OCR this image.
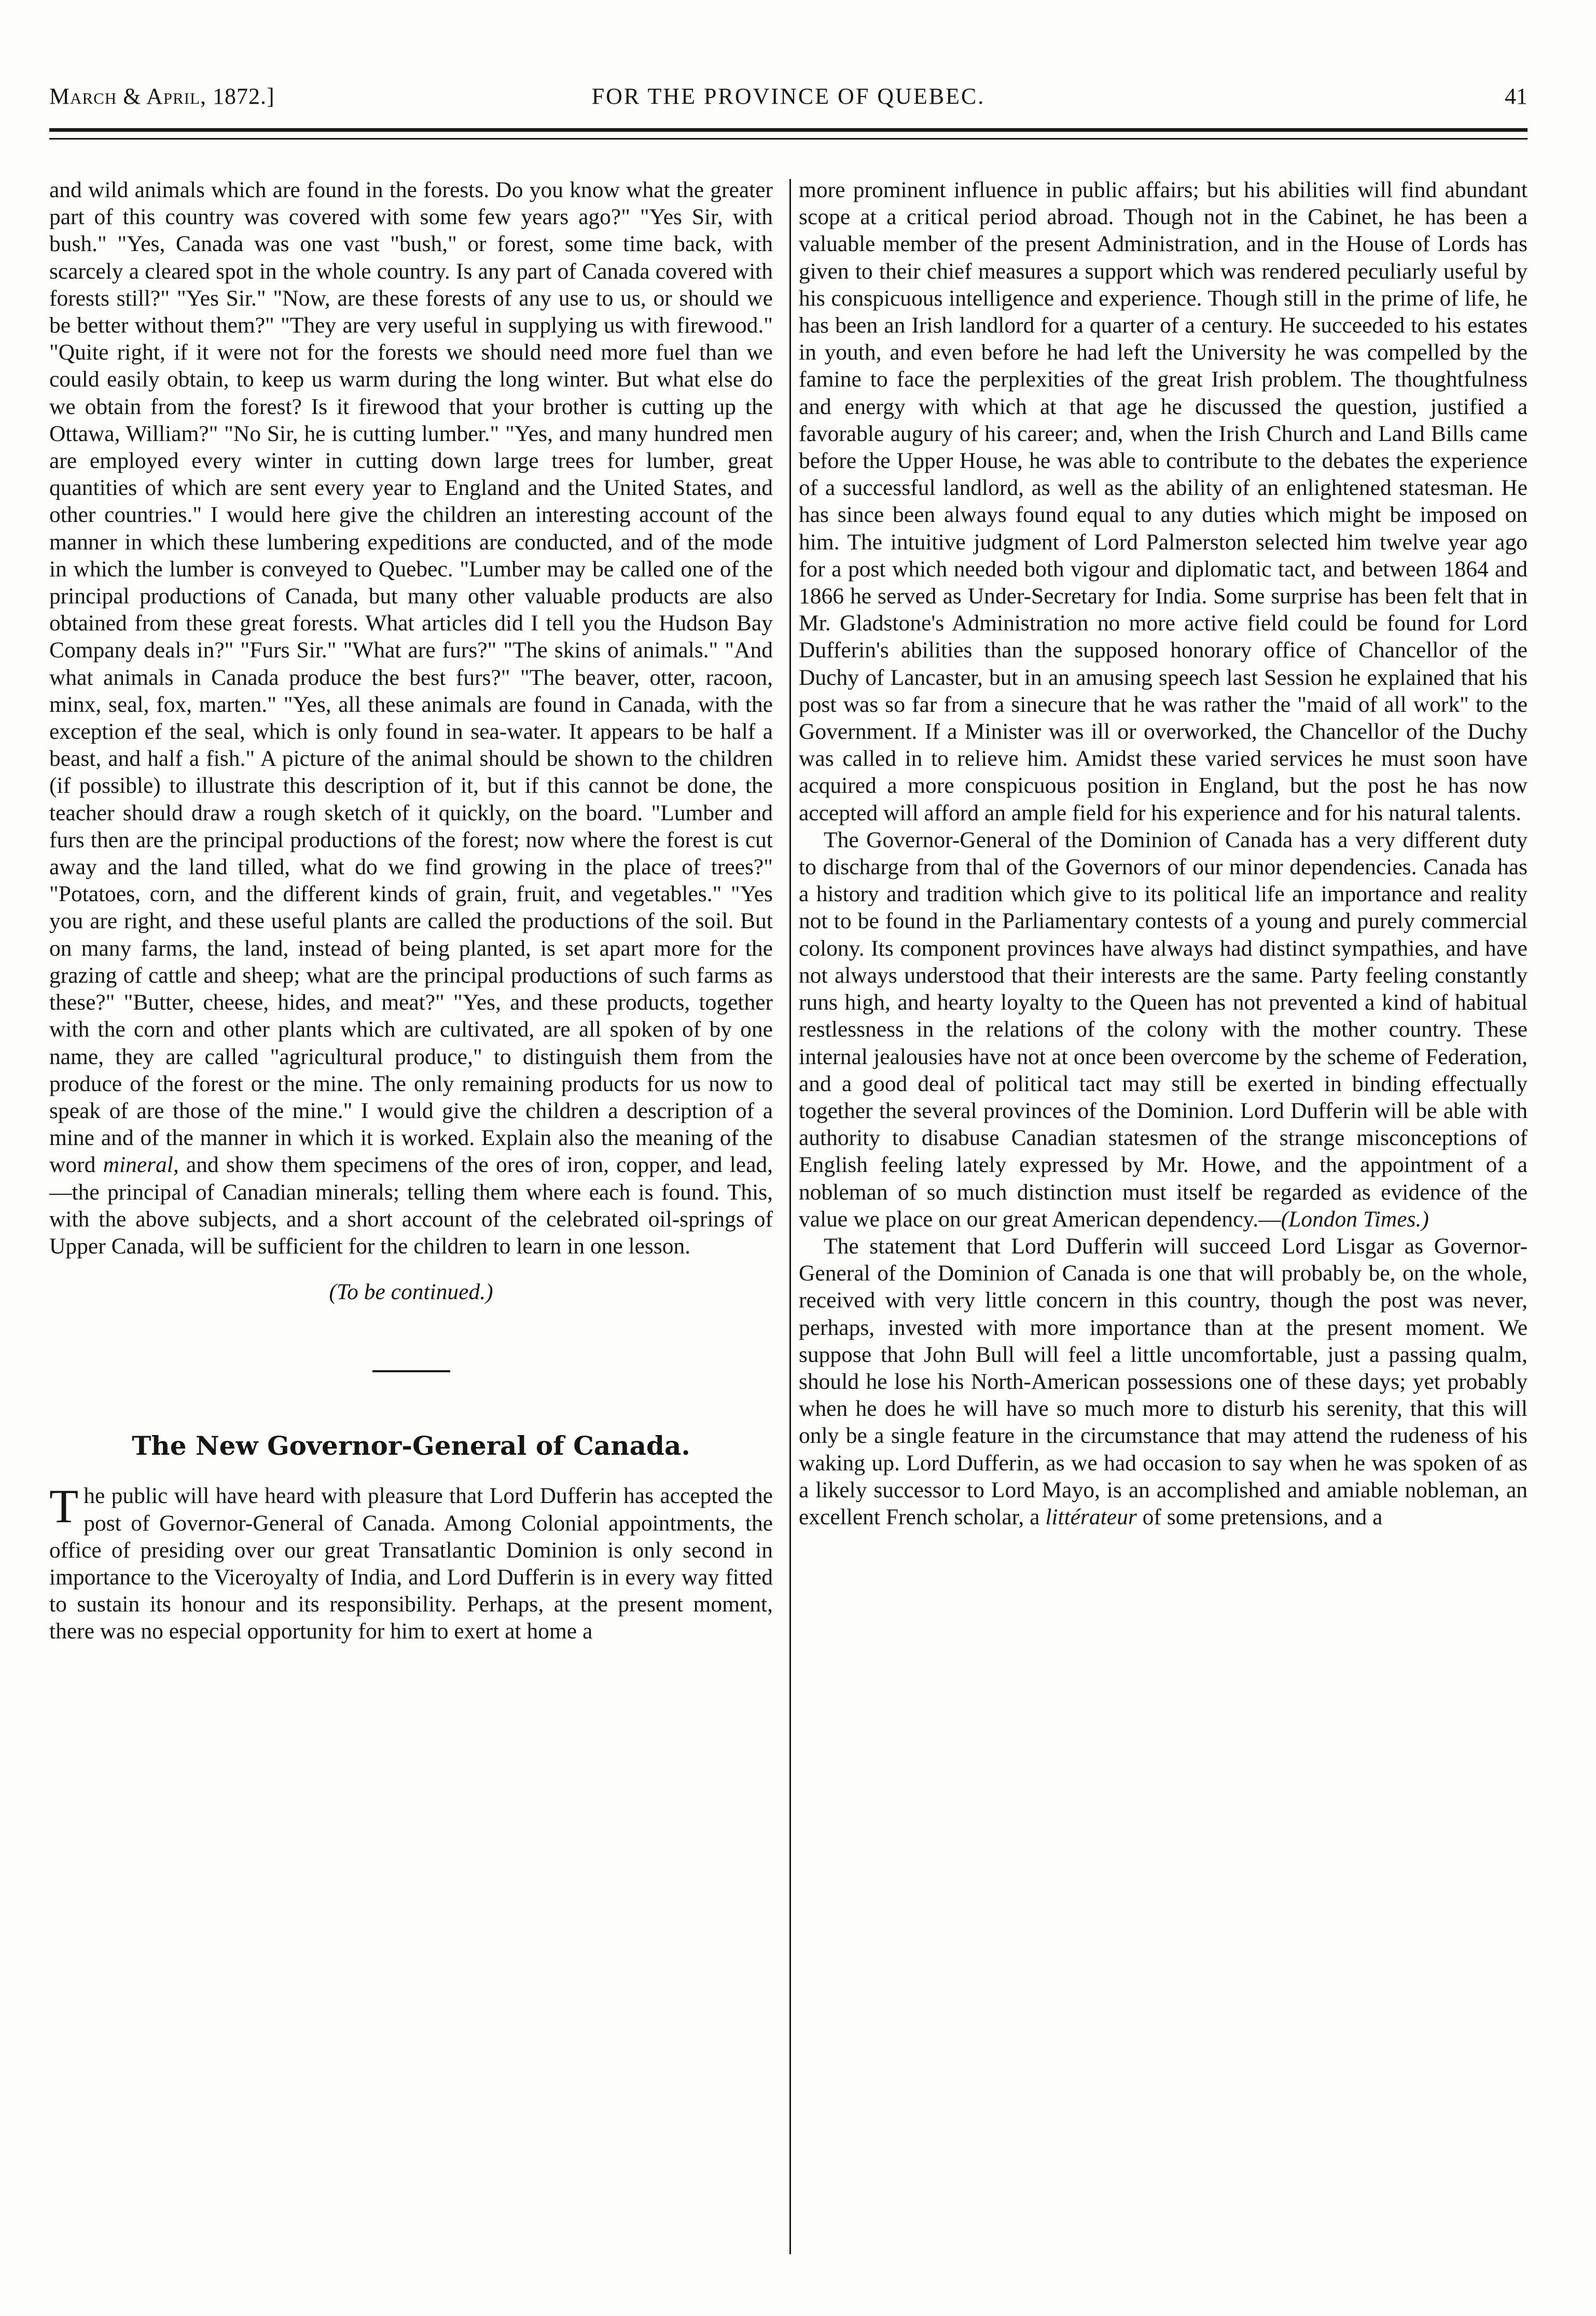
March & April, 1872.]	FOR THE PROVINCE OF QUEBEC.	41

and wild animals which are found in the forests. Do you know what the greater part of this country was covered with some few years ago?" "Yes Sir, with bush." "Yes, Canada was one vast "bush," or forest, some time back, with scarcely a cleared spot in the whole country. Is any part of Canada covered with forests still?" "Yes Sir." "Now, are these forests of any use to us, or should we be better without them?" "They are very useful in supplying us with firewood." "Quite right, if it were not for the forests we should need more fuel than we could easily obtain, to keep us warm during the long winter. But what else do we obtain from the forest? Is it firewood that your brother is cutting up the Ottawa, William?" "No Sir, he is cutting lumber." "Yes, and many hundred men are employed every winter in cutting down large trees for lumber, great quantities of which are sent every year to England and the United States, and other countries." I would here give the children an interesting account of the manner in which these lumbering expeditions are conducted, and of the mode in which the lumber is conveyed to Quebec. "Lumber may be called one of the principal productions of Canada, but many other valuable products are also obtained from these great forests. What articles did I tell you the Hudson Bay Company deals in?" "Furs Sir." "What are furs?" "The skins of animals." "And what animals in Canada produce the best furs?" "The beaver, otter, racoon, minx, seal, fox, marten." "Yes, all these animals are found in Canada, with the exception ef the seal, which is only found in sea-water. It appears to be half a beast, and half a fish." A picture of the animal should be shown to the children (if possible) to illustrate this description of it, but if this cannot be done, the teacher should draw a rough sketch of it quickly, on the board. "Lumber and furs then are the principal productions of the forest; now where the forest is cut away and the land tilled, what do we find growing in the place of trees?" "Potatoes, corn, and the different kinds of grain, fruit, and vegetables." "Yes you are right, and these useful plants are called the productions of the soil. But on many farms, the land, instead of being planted, is set apart more for the grazing of cattle and sheep; what are the principal productions of such farms as these?" "Butter, cheese, hides, and meat?" "Yes, and these products, together with the corn and other plants which are cultivated, are all spoken of by one name, they are called "agricultural produce," to distinguish them from the produce of the forest or the mine. The only remaining products for us now to speak of are those of the mine." I would give the children a description of a mine and of the manner in which it is worked. Explain also the meaning of the word mineral, and show them specimens of the ores of iron, copper, and lead,—the principal of Canadian minerals; telling them where each is found. This, with the above subjects, and a short account of the celebrated oil-springs of Upper Canada, will be sufficient for the children to learn in one lesson.

(To be continued.)
The New Governor-General of Canada.

The public will have heard with pleasure that Lord Dufferin has accepted the post of Governor-General of Canada. Among Colonial appointments, the office of presiding over our great Transatlantic Dominion is only second in importance to the Viceroyalty of India, and Lord Dufferin is in every way fitted to sustain its honour and its responsibility. Perhaps, at the present moment, there was no especial opportunity for him to exert at home a

more prominent influence in public affairs; but his abilities will find abundant scope at a critical period abroad. Though not in the Cabinet, he has been a valuable member of the present Administration, and in the House of Lords has given to their chief measures a support which was rendered peculiarly useful by his conspicuous intelligence and experience. Though still in the prime of life, he has been an Irish landlord for a quarter of a century. He succeeded to his estates in youth, and even before he had left the University he was compelled by the famine to face the perplexities of the great Irish problem. The thoughtfulness and energy with which at that age he discussed the question, justified a favorable augury of his career; and, when the Irish Church and Land Bills came before the Upper House, he was able to contribute to the debates the experience of a successful landlord, as well as the ability of an enlightened statesman. He has since been always found equal to any duties which might be imposed on him. The intuitive judgment of Lord Palmerston selected him twelve year ago for a post which needed both vigour and diplomatic tact, and between 1864 and 1866 he served as Under-Secretary for India. Some surprise has been felt that in Mr. Gladstone's Administration no more active field could be found for Lord Dufferin's abilities than the supposed honorary office of Chancellor of the Duchy of Lancaster, but in an amusing speech last Session he explained that his post was so far from a sinecure that he was rather the "maid of all work" to the Government. If a Minister was ill or overworked, the Chancellor of the Duchy was called in to relieve him. Amidst these varied services he must soon have acquired a more conspicuous position in England, but the post he has now accepted will afford an ample field for his experience and for his natural talents.

The Governor-General of the Dominion of Canada has a very different duty to discharge from thal of the Governors of our minor dependencies. Canada has a history and tradition which give to its political life an importance and reality not to be found in the Parliamentary contests of a young and purely commercial colony. Its component provinces have always had distinct sympathies, and have not always understood that their interests are the same. Party feeling constantly runs high, and hearty loyalty to the Queen has not prevented a kind of habitual restlessness in the relations of the colony with the mother country. These internal jealousies have not at once been overcome by the scheme of Federation, and a good deal of political tact may still be exerted in binding effectually together the several provinces of the Dominion. Lord Dufferin will be able with authority to disabuse Canadian statesmen of the strange misconceptions of English feeling lately expressed by Mr. Howe, and the appointment of a nobleman of so much distinction must itself be regarded as evidence of the value we place on our great American dependency.—(London Times.)

The statement that Lord Dufferin will succeed Lord Lisgar as Governor-General of the Dominion of Canada is one that will probably be, on the whole, received with very little concern in this country, though the post was never, perhaps, invested with more importance than at the present moment. We suppose that John Bull will feel a little uncomfortable, just a passing qualm, should he lose his North-American possessions one of these days; yet probably when he does he will have so much more to disturb his serenity, that this will only be a single feature in the circumstance that may attend the rudeness of his waking up. Lord Dufferin, as we had occasion to say when he was spoken of as a likely successor to Lord Mayo, is an accomplished and amiable nobleman, an excellent French scholar, a littérateur of some pretensions, and a
